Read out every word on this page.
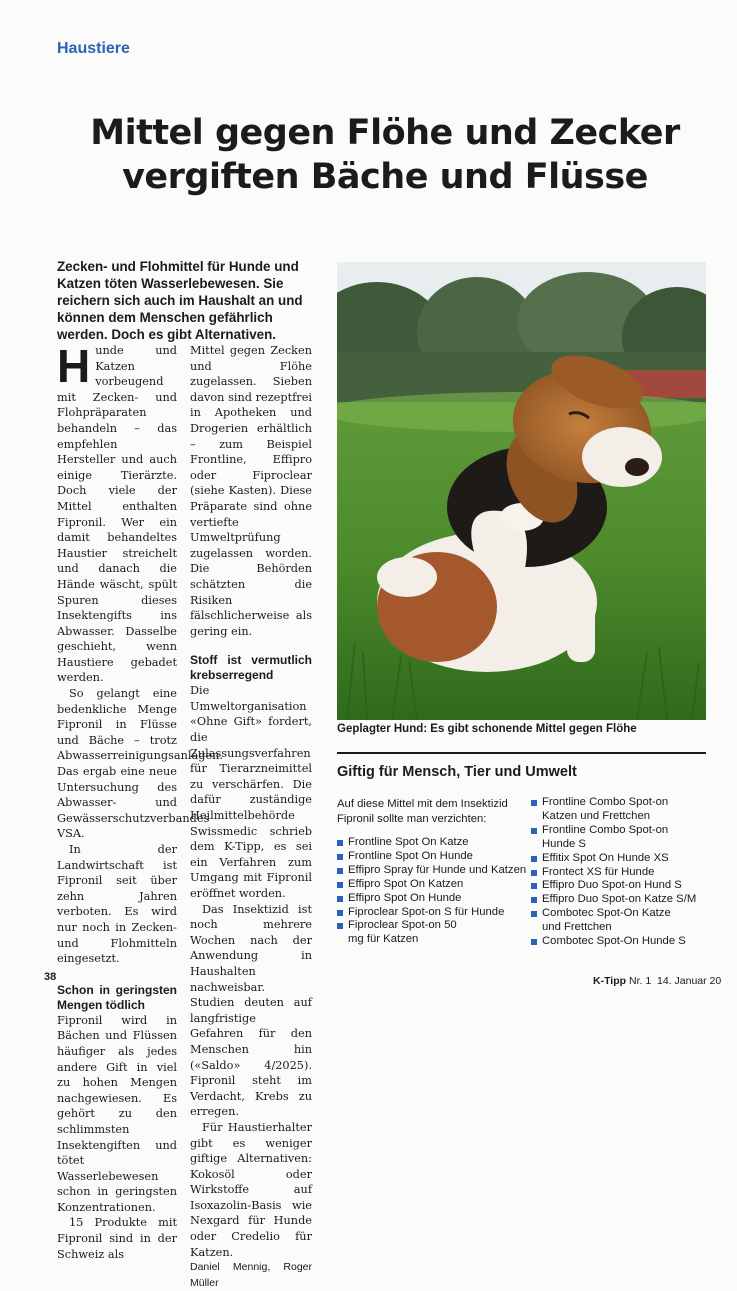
Haustiere
Mittel gegen Flöhe und Zecker
vergiften Bäche und Flüsse
Zecken- und Flohmittel für Hunde und Katzen töten Wasserlebewesen. Sie reichern sich auch im Haushalt an und können dem Menschen gefährlich werden. Doch es gibt Alternativen.

Hunde und Katzen vorbeugend mit Zecken- und Flohpräparaten behandeln – das empfehlen Hersteller und auch einige Tierärzte. Doch viele der Mittel enthalten Fipronil. Wer ein damit behandeltes Haustier streichelt und danach die Hände wäscht, spült Spuren dieses Insektengifts ins Abwasser. Dasselbe geschieht, wenn Haustiere gebadet werden.

So gelangt eine bedenkliche Menge Fipronil in Flüsse und Bäche – trotz Abwasserreinigungsanlagen. Das ergab eine neue Untersuchung des Abwasser- und Gewässerschutzverbandes VSA.

In der Landwirtschaft ist Fipronil seit über zehn Jahren verboten. Es wird nur noch in Zecken- und Flohmitteln eingesetzt.

Schon in geringsten Mengen tödlich

Fipronil wird in Bächen und Flüssen häufiger als jedes andere Gift in viel zu hohen Mengen nachgewiesen. Es gehört zu den schlimmsten Insektengiften und tötet Wasserlebewesen schon in geringsten Konzentrationen.

15 Produkte mit Fipronil sind in der Schweiz als

Mittel gegen Zecken und Flöhe zugelassen. Sieben davon sind rezeptfrei in Apotheken und Drogerien erhältlich – zum Beispiel Frontline, Effipro oder Fiproclear (siehe Kasten). Diese Präparate sind ohne vertiefte Umweltprüfung zugelassen worden. Die Behörden schätzten die Risiken fälschlicherweise als gering ein.

Stoff ist vermutlich krebserregend

Die Umweltorganisation «Ohne Gift» fordert, die Zulassungsverfahren für Tierarzneimittel zu verschärfen. Die dafür zuständige Heilmittelbehörde Swissmedic schrieb dem K-Tipp, es sei ein Verfahren zum Umgang mit Fipronil eröffnet worden.

Das Insektizid ist noch mehrere Wochen nach der Anwendung in Haushalten nachweisbar. Studien deuten auf langfristige Gefahren für den Menschen hin («Saldo» 4/2025). Fipronil steht im Verdacht, Krebs zu erregen.

Für Haustierhalter gibt es weniger giftige Alternativen: Kokosöl oder Wirkstoffe auf Isoxazolin-Basis wie Nexgard für Hunde oder Credelio für Katzen.

Daniel Mennig, Roger Müller

Geplagter Hund: Es gibt schonende Mittel gegen Flöhe
Giftig für Mensch, Tier und Umwelt
Auf diese Mittel mit dem Insektizid Fipronil sollte man verzichten:
Frontline Spot On Katze
Frontline Spot On Hunde
Effipro Spray für Hunde und Katzen
Effipro Spot On Katzen
Effipro Spot On Hunde
Fiproclear Spot-on S für Hunde
Fiproclear Spot-on 50 mg für Katzen
Frontline Combo Spot-on Katzen und Frettchen
Frontline Combo Spot-on Hunde S
Effitix Spot On Hunde XS
Frontect XS für Hunde
Effipro Duo Spot-on Hund S
Effipro Duo Spot-on Katze S/M
Combotec Spot-On Katze und Frettchen
Combotec Spot-On Hunde S
38	K-Tipp Nr. 1 14. Januar 20
